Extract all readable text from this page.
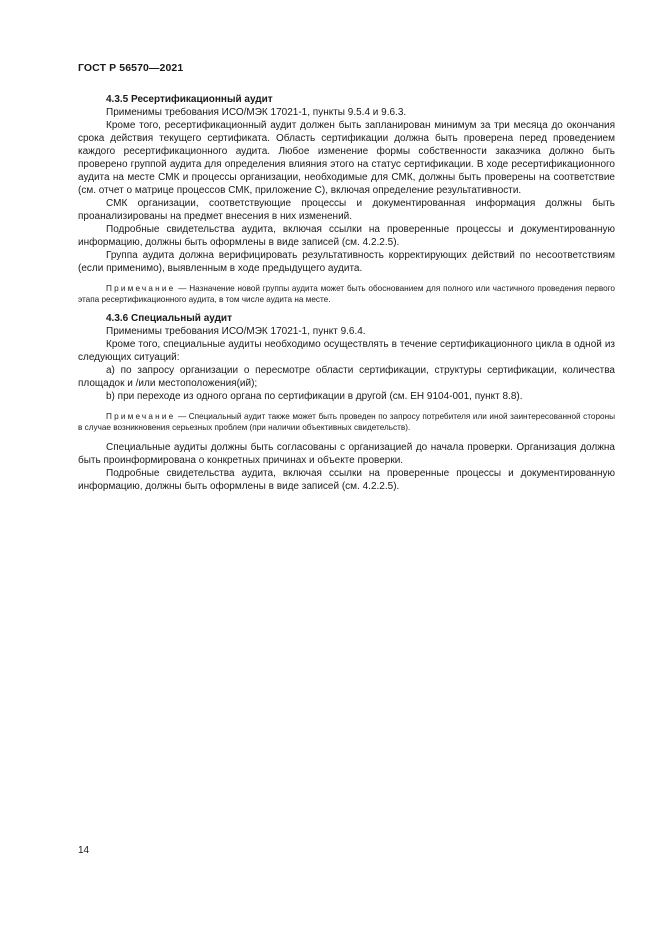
ГОСТ Р 56570—2021

4.3.5 Ресертификационный аудит

Применимы требования ИСО/МЭК 17021-1, пункты 9.5.4 и 9.6.3.

Кроме того, ресертификационный аудит должен быть запланирован минимум за три месяца до окончания срока действия текущего сертификата. Область сертификации должна быть проверена перед проведением каждого ресертификационного аудита. Любое изменение формы собственности заказчика должно быть проверено группой аудита для определения влияния этого на статус сертификации. В ходе ресертификационного аудита на месте СМК и процессы организации, необходимые для СМК, должны быть проверены на соответствие (см. отчет о матрице процессов СМК, приложение С), включая определение результативности.

СМК организации, соответствующие процессы и документированная информация должны быть проанализированы на предмет внесения в них изменений.

Подробные свидетельства аудита, включая ссылки на проверенные процессы и документированную информацию, должны быть оформлены в виде записей (см. 4.2.2.5).

Группа аудита должна верифицировать результативность корректирующих действий по несоответствиям (если применимо), выявленным в ходе предыдущего аудита.

Примечание — Назначение новой группы аудита может быть обоснованием для полного или частичного проведения первого этапа ресертификационного аудита, в том числе аудита на месте.

4.3.6 Специальный аудит

Применимы требования ИСО/МЭК 17021-1, пункт 9.6.4.

Кроме того, специальные аудиты необходимо осуществлять в течение сертификационного цикла в одной из следующих ситуаций:

а) по запросу организации о пересмотре области сертификации, структуры сертификации, количества площадок и /или местоположения(ий);

b) при переходе из одного органа по сертификации в другой (см. ЕН 9104-001, пункт 8.8).

Примечание — Специальный аудит также может быть проведен по запросу потребителя или иной заинтересованной стороны в случае возникновения серьезных проблем (при наличии объективных свидетельств).

Специальные аудиты должны быть согласованы с организацией до начала проверки. Организация должна быть проинформирована о конкретных причинах и объекте проверки.

Подробные свидетельства аудита, включая ссылки на проверенные процессы и документированную информацию, должны быть оформлены в виде записей (см. 4.2.2.5).

14
